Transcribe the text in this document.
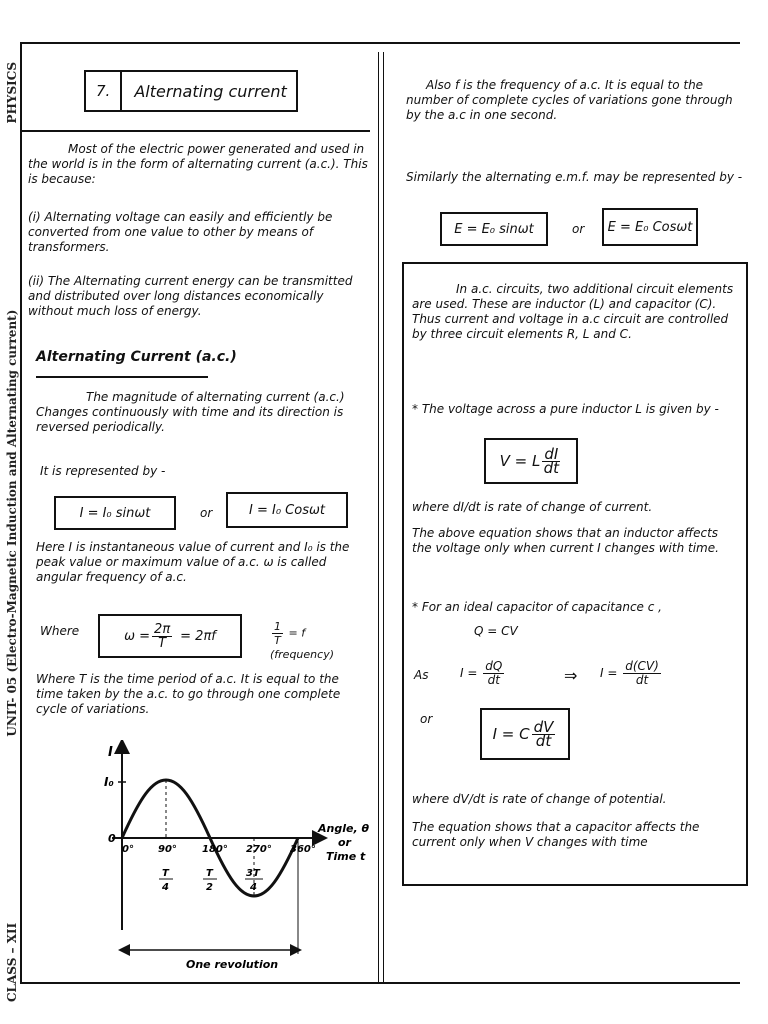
CLASS – XII
UNIT- 05 (Electro-Magnetic Induction and Alternating current)
PHYSICS	7.	Alternating current
Most of the electric power generated and used in the world is in the form of alternating current (a.c.). This is because:
(i) Alternating voltage can easily and efficiently be converted from one value to other by means of transformers.
(ii) The Alternating current energy can be transmitted and distributed over long distances economically without much loss of energy.
Alternating Current (a.c.)
The magnitude of alternating current (a.c.) Changes continuously with time and its direction is reversed periodically.
It is represented by -
I = I₀ sinωt	or	I = I₀ Cosωt
Here I is instantaneous value of current and I₀ is the peak value or maximum value of a.c. ω is called angular frequency of a.c.
Where	$\omega = \frac{2\pi}{T} = 2\pi f$	$\frac{1}{T} = f$ (frequency)
Where T is the time period of a.c. It is equal to the time taken by the a.c. to go through one complete cycle of variations.
I
I₀
0
0° 90°	180° 270° 360°
T
4
T
2
3T
4
Angle, θ
or
Time t
One revolution
Also f is the frequency of a.c. It is equal to the number of complete cycles of variations gone through by the a.c in one second.
Similarly the alternating e.m.f. may be represented by -
E = E₀ sinωt	or	E = E₀ Cosωt
In a.c. circuits, two additional circuit elements are used. These are inductor (L) and capacitor (C). Thus current and voltage in a.c circuit are controlled by three circuit elements R, L and C.
* The voltage across a pure inductor L is given by -
V = L $\frac{dI}{dt}$
where dI/dt is rate of change of current.
The above equation shows that an inductor affects the voltage only when current I changes with time.
* For an ideal capacitor of capacitance c ,
Q = CV
As	$I = \frac{dQ}{dt}$	⇒ $I = \frac{d(CV)}{dt}$
or
I = C $\frac{dV}{dt}$
where dV/dt is rate of change of potential.
The equation shows that a capacitor affects the current only when V changes with time
